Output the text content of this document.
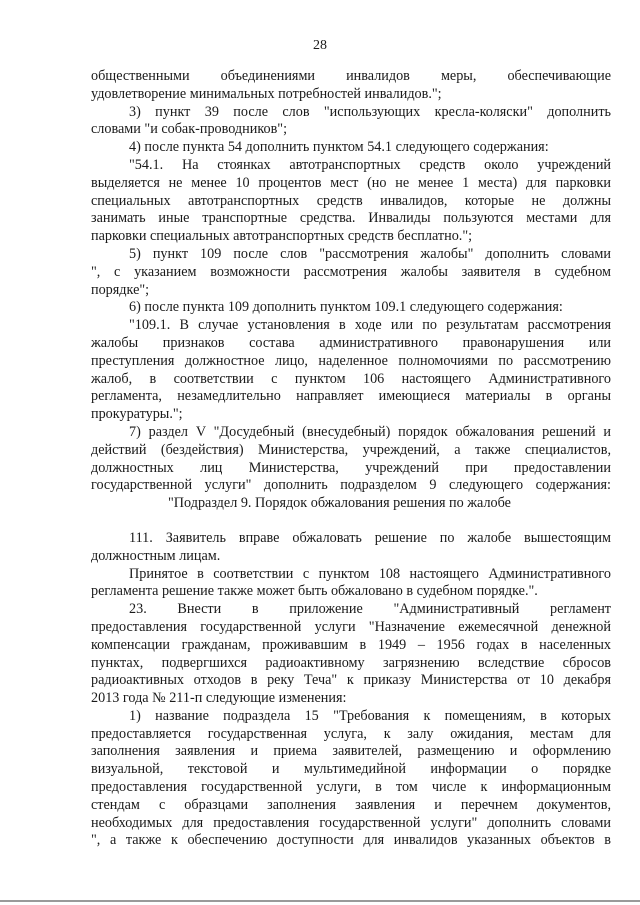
28
общественными объединениями инвалидов меры, обеспечивающие
удовлетворение минимальных потребностей инвалидов.";
3) пункт 39 после слов "использующих кресла-коляски" дополнить
словами "и собак-проводников";
4) после пункта 54 дополнить пунктом 54.1 следующего содержания:
"54.1. На стоянках автотранспортных средств около учреждений
выделяется не менее 10 процентов мест (но не менее 1 места) для парковки
специальных автотранспортных средств инвалидов, которые не должны
занимать иные транспортные средства. Инвалиды пользуются местами для
парковки специальных автотранспортных средств бесплатно.";
5) пункт 109 после слов "рассмотрения жалобы" дополнить словами
", с указанием возможности рассмотрения жалобы заявителя в судебном
порядке";
6) после пункта 109 дополнить пунктом 109.1 следующего содержания:
"109.1. В случае установления в ходе или по результатам рассмотрения
жалобы признаков состава административного правонарушения или
преступления должностное лицо, наделенное полномочиями по рассмотрению
жалоб, в соответствии с пунктом 106 настоящего Административного
регламента, незамедлительно направляет имеющиеся материалы в органы
прокуратуры.";
7) раздел V "Досудебный (внесудебный) порядок обжалования решений и
действий (бездействия) Министерства, учреждений, а также специалистов,
должностных лиц Министерства, учреждений при предоставлении
государственной услуги" дополнить подразделом 9 следующего содержания:
"Подраздел 9. Порядок обжалования решения по жалобе
111. Заявитель вправе обжаловать решение по жалобе вышестоящим
должностным лицам.
Принятое в соответствии с пунктом 108 настоящего Административного
регламента решение также может быть обжаловано в судебном порядке.".
23. Внести в приложение "Административный регламент
предоставления государственной услуги "Назначение ежемесячной денежной
компенсации гражданам, проживавшим в 1949 – 1956 годах в населенных
пунктах, подвергшихся радиоактивному загрязнению вследствие сбросов
радиоактивных отходов в реку Теча" к приказу Министерства от 10 декабря
2013 года № 211-п следующие изменения:
1) название подраздела 15 "Требования к помещениям, в которых
предоставляется государственная услуга, к залу ожидания, местам для
заполнения заявления и приема заявителей, размещению и оформлению
визуальной, текстовой и мультимедийной информации о порядке
предоставления государственной услуги, в том числе к информационным
стендам с образцами заполнения заявления и перечнем документов,
необходимых для предоставления государственной услуги" дополнить словами
", а также к обеспечению доступности для инвалидов указанных объектов в
